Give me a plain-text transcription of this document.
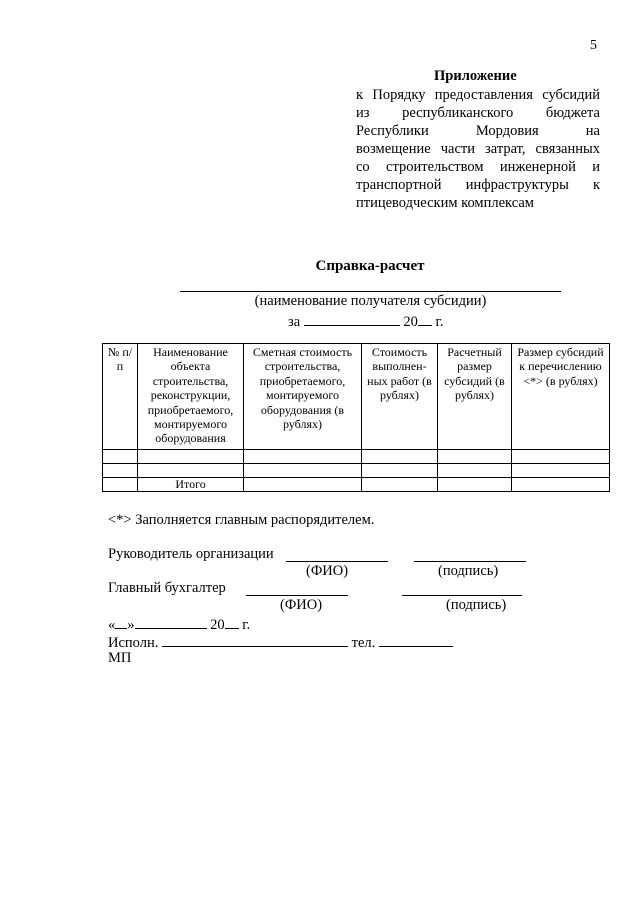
5
Приложение
к Порядку предоставления субсидий
из республиканского бюджета
Республики Мордовия на
возмещение части затрат, связанных
со строительством инженерной и
транспортной инфраструктуры к
птицеводческим комплексам
Справка-расчет
(наименование получателя субсидии)
за	20 г.
№ п/п	Наименование объекта строительства, реконструкции, приобретаемого, монтируемого оборудования	Сметная стоимость строительства, приобретаемого, монтируемого оборудования (в рублях)	Стоимость выполнен-ных работ (в рублях)	Расчетный размер субсидий (в рублях)	Размер субсидий к перечислению <*> (в рублях)

	Итого				
<*> Заполняется главным распорядителем.
Руководитель организации
(ФИО)	(подпись)
Главный бухгалтер
(ФИО)	(подпись)
« »	20 г.
Исполн.	тел.
МП
